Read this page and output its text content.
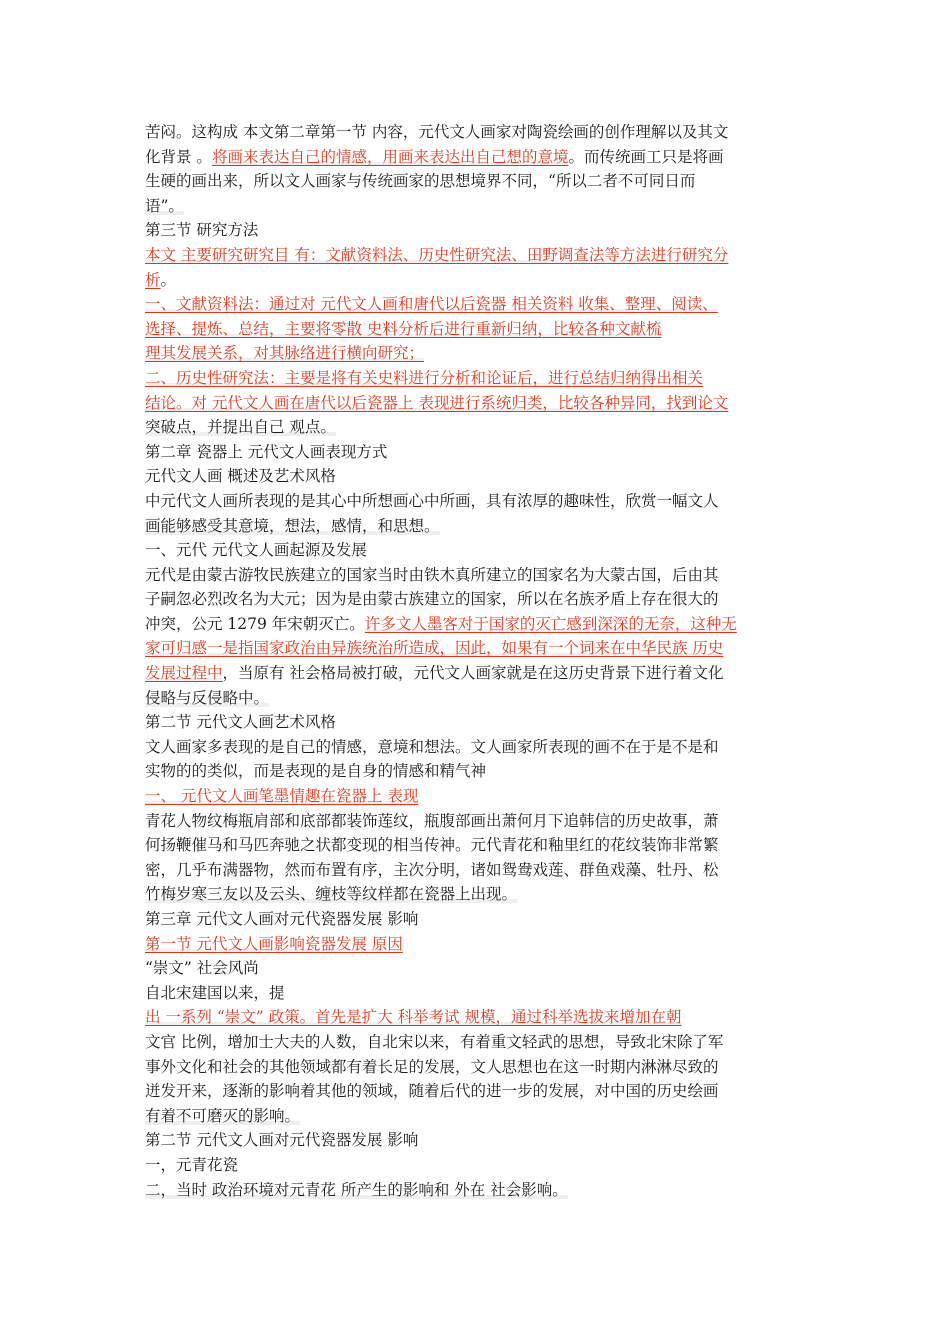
苦闷。这构成 本文第二章第一节 内容，元代文人画家对陶瓷绘画的创作理解以及其文

化背景 。将画来表达自己的情感，用画来表达出自己想的意境。而传统画工只是将画

生硬的画出来，所以文人画家与传统画家的思想境界不同，“所以二者不可同日而

语”。

第三节 研究方法

本文 主要研究研究目 有：文献资料法、历史性研究法、田野调查法等方法进行研究分

析。

一、文献资料法：通过对 元代文人画和唐代以后瓷器 相关资料 收集、整理、阅读、

选择、提炼、总结，主要将零散 史料分析后进行重新归纳，比较各种文献梳

理其发展关系，对其脉络进行横向研究；

二、历史性研究法：主要是将有关史料进行分析和论证后，进行总结归纳得出相关

结论。对 元代文人画在唐代以后瓷器上 表现进行系统归类，比较各种异同，找到论文

突破点，并提出自己 观点。

第二章 瓷器上 元代文人画表现方式

元代文人画 概述及艺术风格

中元代文人画所表现的是其心中所想画心中所画，具有浓厚的趣味性，欣赏一幅文人

画能够感受其意境，想法，感情，和思想。

一、元代 元代文人画起源及发展

元代是由蒙古游牧民族建立的国家当时由铁木真所建立的国家名为大蒙古国，后由其

子嗣忽必烈改名为大元；因为是由蒙古族建立的国家，所以在名族矛盾上存在很大的

冲突，公元 1279 年宋朝灭亡。许多文人墨客对于国家的灭亡感到深深的无奈，这种无

家可归感一是指国家政治由异族统治所造成，因此，如果有一个词来在中华民族 历史

发展过程中，当原有 社会格局被打破，元代文人画家就是在这历史背景下进行着文化

侵略与反侵略中。

第二节 元代文人画艺术风格

文人画家多表现的是自己的情感，意境和想法。文人画家所表现的画不在于是不是和

实物的的类似，而是表现的是自身的情感和精气神

一、 元代文人画笔墨情趣在瓷器上 表现

青花人物纹梅瓶肩部和底部都装饰莲纹，瓶腹部画出萧何月下追韩信的历史故事，萧

何扬鞭催马和马匹奔驰之状都变现的相当传神。元代青花和釉里红的花纹装饰非常繁

密，几乎布满器物，然而布置有序，主次分明，诸如鸳鸯戏莲、群鱼戏藻、牡丹、松

竹梅岁寒三友以及云头、缠枝等纹样都在瓷器上出现。

第三章 元代文人画对元代瓷器发展 影响

第一节 元代文人画影响瓷器发展 原因

“崇文” 社会风尚

自北宋建国以来，提

出 一系列 “崇文” 政策。首先是扩大 科举考试 规模，通过科举选拔来增加在朝

文官 比例，增加士大夫的人数，自北宋以来，有着重文轻武的思想，导致北宋除了军

事外文化和社会的其他领域都有着长足的发展，文人思想也在这一时期内淋淋尽致的

迸发开来，逐渐的影响着其他的领域，随着后代的进一步的发展，对中国的历史绘画

有着不可磨灭的影响。

第二节 元代文人画对元代瓷器发展 影响

一，元青花瓷

二，当时 政治环境对元青花 所产生的影响和 外在 社会影响。
